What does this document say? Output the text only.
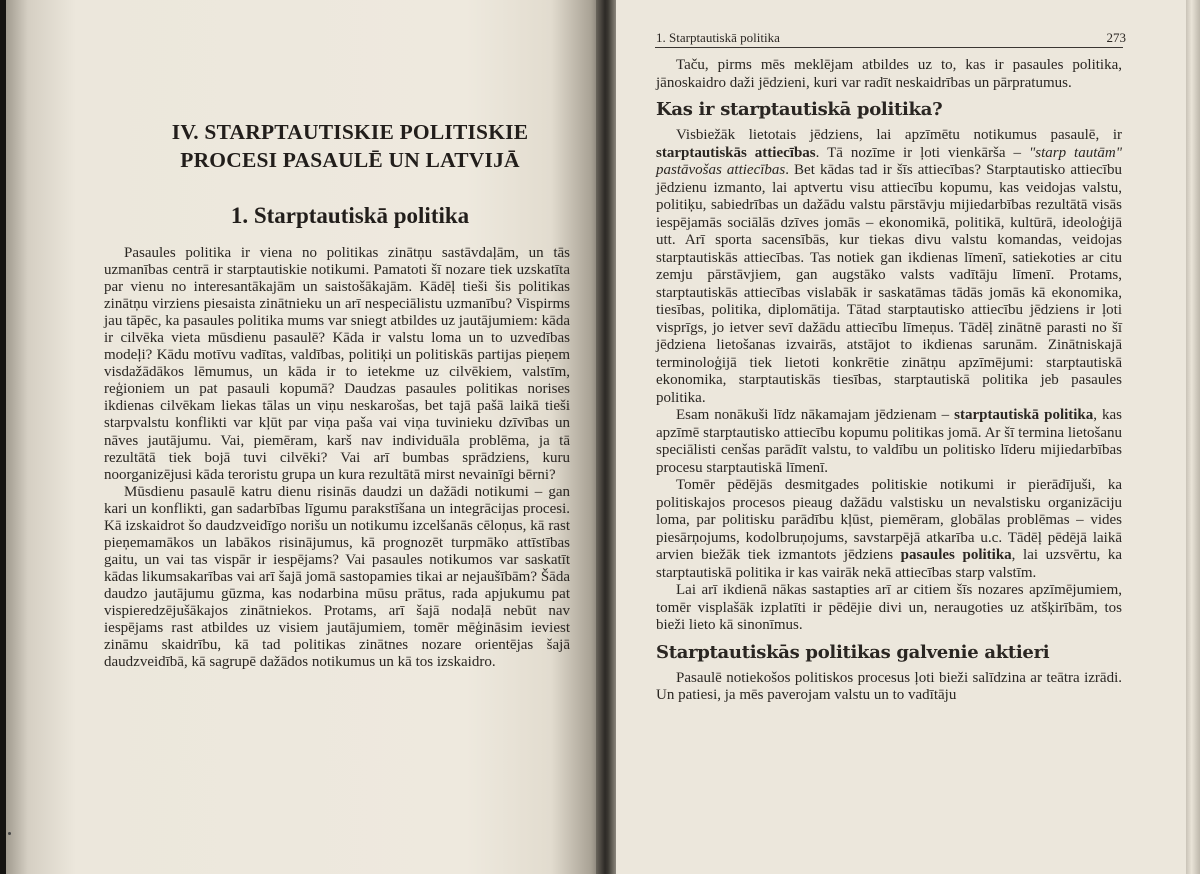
IV. STARPTAUTISKIE POLITISKIE
PROCESI PASAULĒ UN LATVIJĀ
1. Starptautiskā politika

Pasaules politika ir viena no politikas zinātņu sastāvdaļām, un tās uzmanības centrā ir starptautiskie notikumi. Pamatoti šī nozare tiek uzskatīta par vienu no interesantākajām un saistošākajām. Kādēļ tieši šis politikas zinātņu virziens piesaista zinātnieku un arī nespeciālistu uzmanību? Vispirms jau tāpēc, ka pasaules politika mums var sniegt atbildes uz jautājumiem: kāda ir cilvēka vieta mūsdienu pasaulē? Kāda ir valstu loma un to uzvedības modeļi? Kādu motīvu vadītas, valdības, politiķi un politiskās partijas pieņem visdažādākos lēmumus, un kāda ir to ietekme uz cilvēkiem, valstīm, reģioniem un pat pasauli kopumā? Daudzas pasaules politikas norises ikdienas cilvēkam liekas tālas un viņu neskarošas, bet tajā pašā laikā tieši starpvalstu konflikti var kļūt par viņa paša vai viņa tuvinieku dzīvības un nāves jautājumu. Vai, piemēram, karš nav individuāla problēma, ja tā rezultātā tiek bojā tuvi cilvēki? Vai arī bumbas sprādziens, kuru noorganizējusi kāda teroristu grupa un kura rezultātā mirst nevainīgi bērni?

Mūsdienu pasaulē katru dienu risinās daudzi un dažādi notikumi – gan kari un konflikti, gan sadarbības līgumu parakstīšana un integrācijas procesi. Kā izskaidrot šo daudzveidīgo norišu un notikumu izcelšanās cēloņus, kā rast pieņemamākos un labākos risinājumus, kā prognozēt turpmāko attīstības gaitu, un vai tas vispār ir iespējams? Vai pasaules notikumos var saskatīt kādas likumsakarības vai arī šajā jomā sastopamies tikai ar nejaušībām? Šāda daudzo jautājumu gūzma, kas nodarbina mūsu prātus, rada apjukumu pat vispieredzējušākajos zinātniekos. Protams, arī šajā nodaļā nebūt nav iespējams rast atbildes uz visiem jautājumiem, tomēr mēģināsim ieviest zināmu skaidrību, kā tad politikas zinātnes nozare orientējas šajā daudzveidībā, kā sagrupē dažādos notikumus un kā tos izskaidro.

1. Starptautiskā politika	273

Taču, pirms mēs meklējam atbildes uz to, kas ir pasaules politika, jānoskaidro daži jēdzieni, kuri var radīt neskaidrības un pārpratumus.

Kas ir starptautiskā politika?

Visbiežāk lietotais jēdziens, lai apzīmētu notikumus pasaulē, ir starptautiskās attiecības. Tā nozīme ir ļoti vienkārša – "starp tautām" pastāvošas attiecības. Bet kādas tad ir šīs attiecības? Starptautisko attiecību jēdzienu izmanto, lai aptvertu visu attiecību kopumu, kas veidojas valstu, politiķu, sabiedrības un dažādu valstu pārstāvju mijiedarbības rezultātā visās iespējamās sociālās dzīves jomās – ekonomikā, politikā, kultūrā, ideoloģijā utt. Arī sporta sacensībās, kur tiekas divu valstu komandas, veidojas starptautiskās attiecības. Tas notiek gan ikdienas līmenī, satiekoties ar citu zemju pārstāvjiem, gan augstāko valsts vadītāju līmenī. Protams, starptautiskās attiecības vislabāk ir saskatāmas tādās jomās kā ekonomika, tiesības, politika, diplomātija. Tātad starptautisko attiecību jēdziens ir ļoti visprīgs, jo ietver sevī dažādu attiecību līmeņus. Tādēļ zinātnē parasti no šī jēdziena lietošanas izvairās, atstājot to ikdienas sarunām. Zinātniskajā terminoloģijā tiek lietoti konkrētie zinātņu apzīmējumi: starptautiskā ekonomika, starptautiskās tiesības, starptautiskā politika jeb pasaules politika.

Esam nonākuši līdz nākamajam jēdzienam – starptautiskā politika, kas apzīmē starptautisko attiecību kopumu politikas jomā. Ar šī termina lietošanu speciālisti cenšas parādīt valstu, to valdību un politisko līderu mijiedarbības procesu starptautiskā līmenī.

Tomēr pēdējās desmitgades politiskie notikumi ir pierādījuši, ka politiskajos procesos pieaug dažādu valstisku un nevalstisku organizāciju loma, par politisku parādību kļūst, piemēram, globālas problēmas – vides piesārņojums, kodolbruņojums, savstarpējā atkarība u.c. Tādēļ pēdējā laikā arvien biežāk tiek izmantots jēdziens pasaules politika, lai uzsvērtu, ka starptautiskā politika ir kas vairāk nekā attiecības starp valstīm.

Lai arī ikdienā nākas sastapties arī ar citiem šīs nozares apzīmējumiem, tomēr visplašāk izplatīti ir pēdējie divi un, neraugoties uz atšķirībām, tos bieži lieto kā sinonīmus.

Starptautiskās politikas galvenie aktieri

Pasaulē notiekošos politiskos procesus ļoti bieži salīdzina ar teātra izrādi. Un patiesi, ja mēs paverojam valstu un to vadītāju
